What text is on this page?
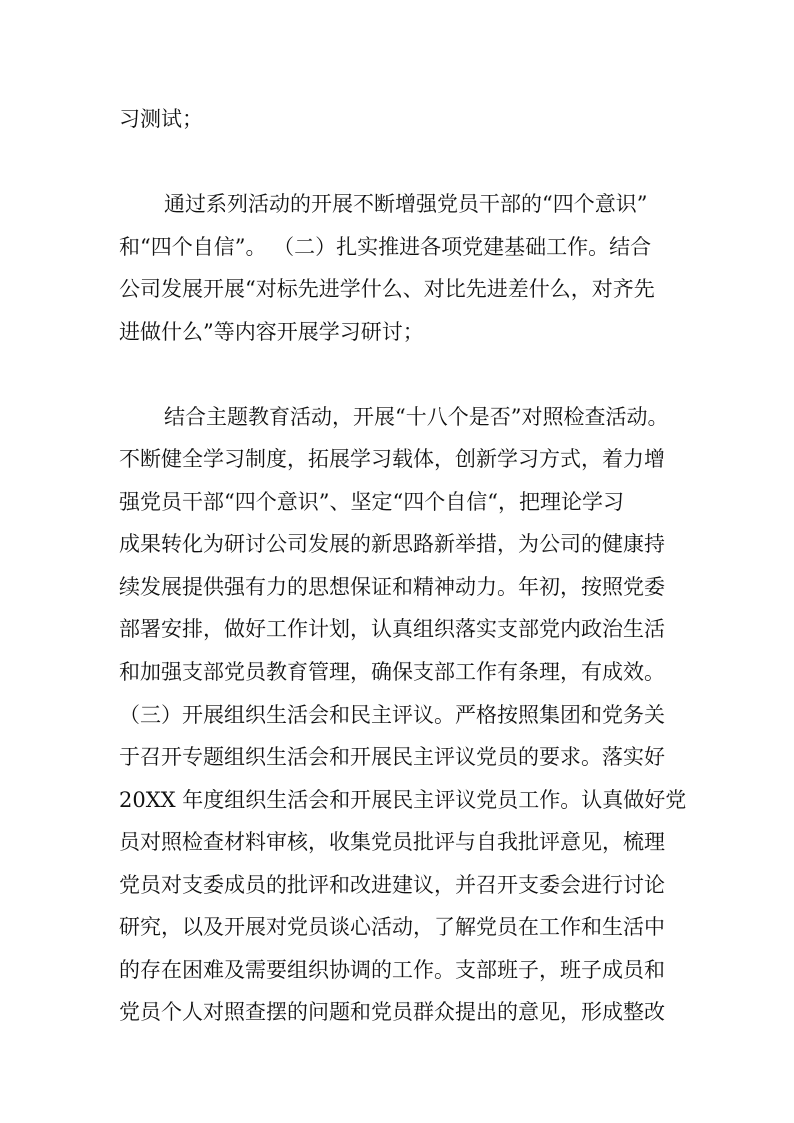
习测试；

通过系列活动的开展不断增强党员干部的“四个意识”

和“四个自信”。 （二）扎实推进各项党建基础工作。结合

公司发展开展“对标先进学什么、对比先进差什么，对齐先

进做什么”等内容开展学习研讨；

结合主题教育活动，开展“十八个是否”对照检查活动。

不断健全学习制度，拓展学习载体，创新学习方式，着力增

强党员干部“四个意识”、坚定“四个自信“，把理论学习

成果转化为研讨公司发展的新思路新举措，为公司的健康持

续发展提供强有力的思想保证和精神动力。年初，按照党委

部署安排，做好工作计划，认真组织落实支部党内政治生活

和加强支部党员教育管理，确保支部工作有条理，有成效。

（三）开展组织生活会和民主评议。严格按照集团和党务关

于召开专题组织生活会和开展民主评议党员的要求。落实好

20XX 年度组织生活会和开展民主评议党员工作。认真做好党

员对照检查材料审核，收集党员批评与自我批评意见，梳理

党员对支委成员的批评和改进建议，并召开支委会进行讨论

研究，以及开展对党员谈心活动，了解党员在工作和生活中

的存在困难及需要组织协调的工作。支部班子，班子成员和

党员个人对照查摆的问题和党员群众提出的意见，形成整改
